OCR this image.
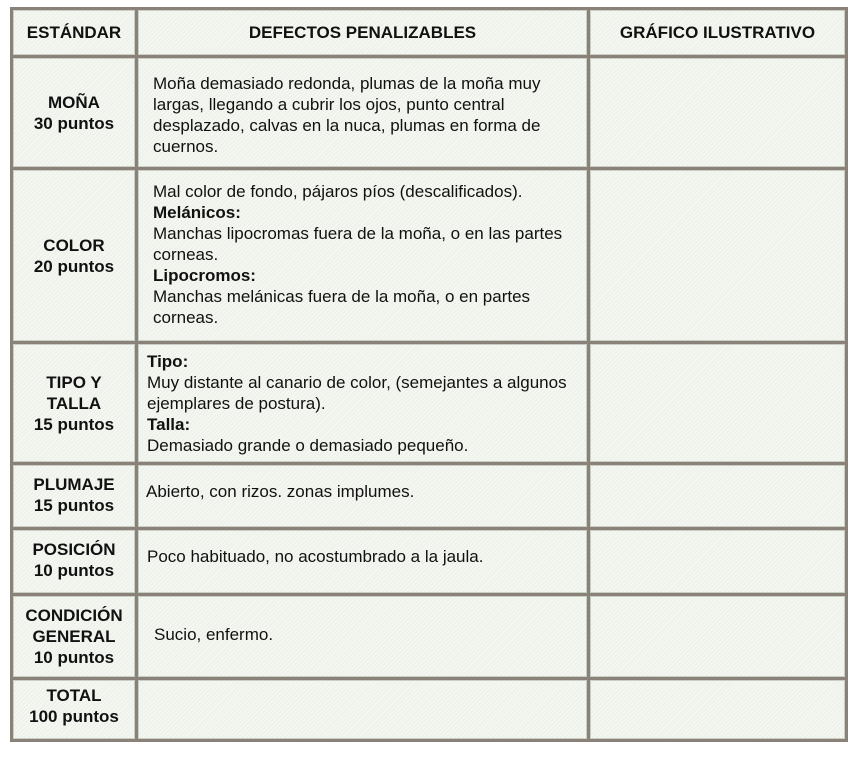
ESTÁNDAR	DEFECTOS PENALIZABLES	GRÁFICO ILUSTRATIVO
MOÑA
30 puntos
Moña demasiado redonda, plumas de la moña muy largas, llegando a cubrir los ojos, punto central desplazado, calvas en la nuca, plumas en forma de cuernos.
COLOR
20 puntos
Mal color de fondo, pájaros píos (descalificados).
Melánicos:
Manchas lipocromas fuera de la moña, o en las partes corneas.
Lipocromos:
Manchas melánicas fuera de la moña, o en partes corneas.
TIPO Y
TALLA
15 puntos
Tipo:
Muy distante al canario de color, (semejantes a algunos ejemplares de postura).
Talla:
Demasiado grande o demasiado pequeño.
PLUMAJE
15 puntos
Abierto, con rizos. zonas implumes.
POSICIÓN
10 puntos
Poco habituado, no acostumbrado a la jaula.
CONDICIÓN
GENERAL
10 puntos
Sucio, enfermo.
TOTAL
100 puntos
